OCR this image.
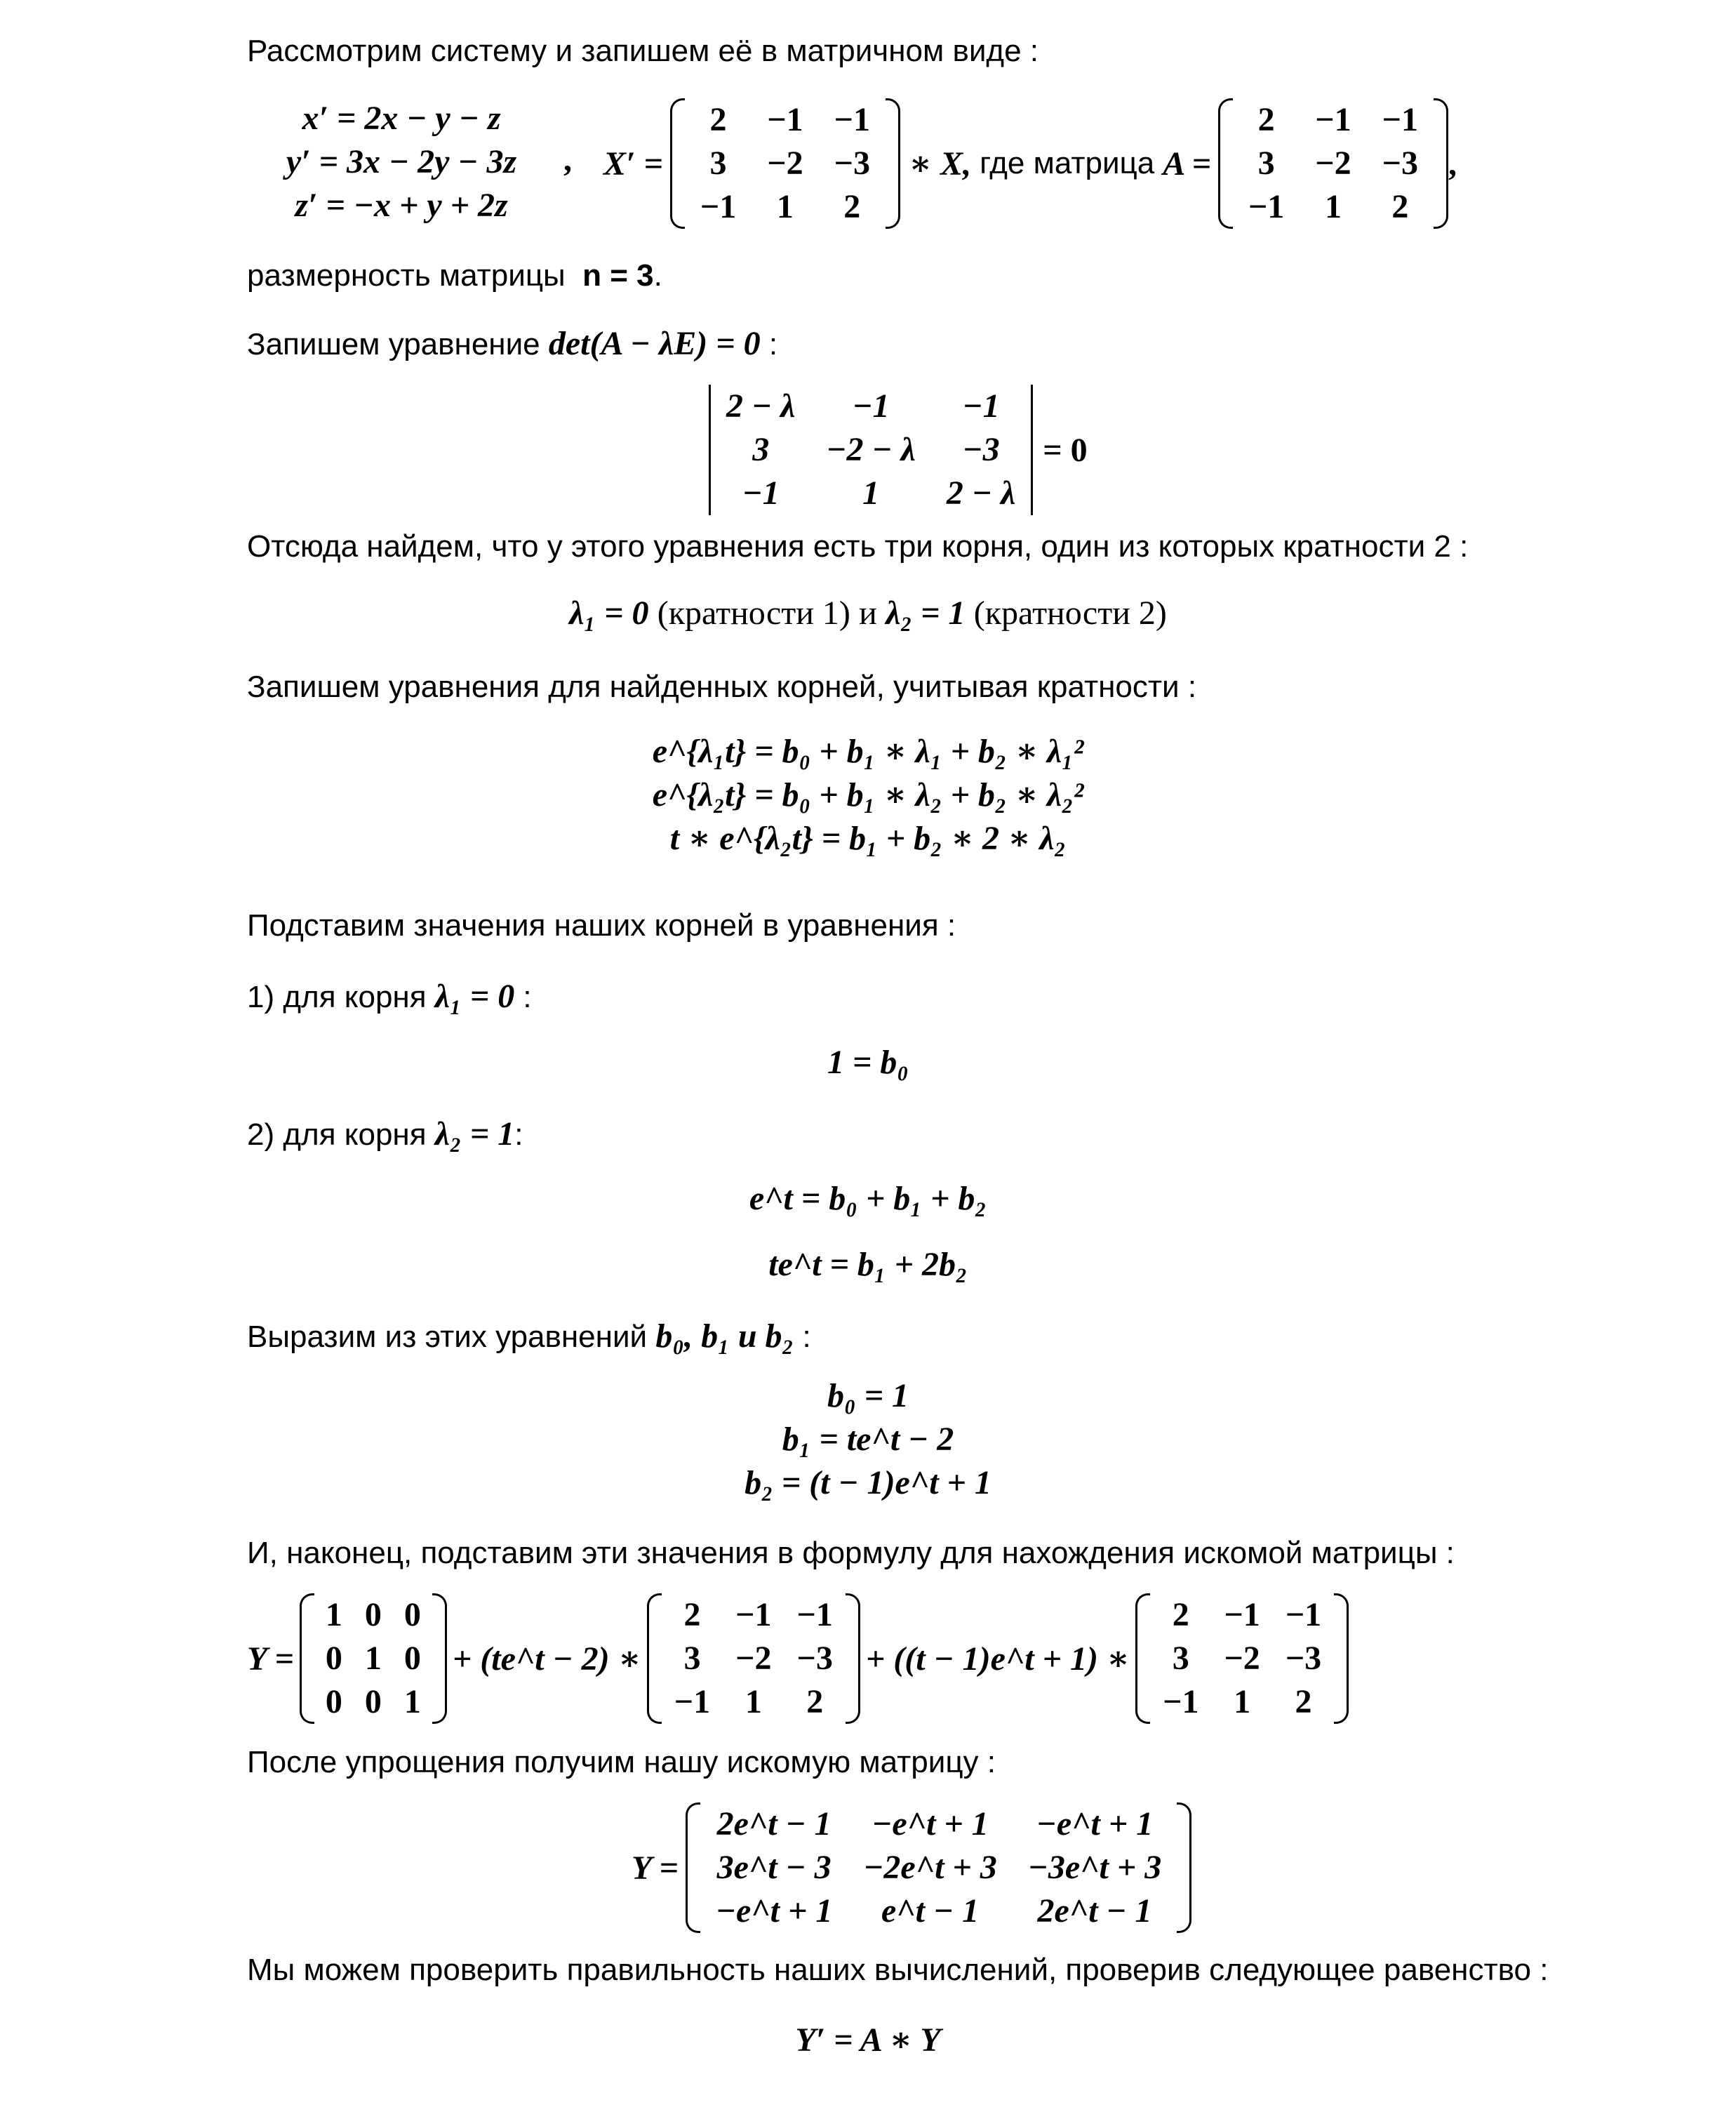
Рассмотрим систему и запишем её в матричном виде :
x′ = 2x − y − z
y′ = 3x − 2y − 3z
z′ = −x + y + 2z
, X′ =
2	−1	−1
3	−2	−3
−1	1	2
∗ X, где матрица A =
2	−1	−1
3	−2	−3
−1	1	2
,
размерность матрицы n = 3.
Запишем уравнение det(A − λE) = 0 :
2 − λ	−1	−1
3	−2 − λ	−3
−1	1	2 − λ
= 0
Отсюда найдем, что у этого уравнения есть три корня, один из которых кратности 2 :
λ₁ = 0 (кратности 1) и λ₂ = 1 (кратности 2)
Запишем уравнения для найденных корней, учитывая кратности :
e^{λ₁t} = b₀ + b₁ ∗ λ₁ + b₂ ∗ λ₁²
e^{λ₂t} = b₀ + b₁ ∗ λ₂ + b₂ ∗ λ₂²
t ∗ e^{λ₂t} = b₁ + b₂ ∗ 2 ∗ λ₂
Подставим значения наших корней в уравнения :
1) для корня λ₁ = 0 :
1 = b₀
2) для корня λ₂ = 1:
e^t = b₀ + b₁ + b₂
te^t = b₁ + 2b₂
Выразим из этих уравнений b₀, b₁ и b₂ :
b₀ = 1
b₁ = te^t − 2
b₂ = (t − 1)e^t + 1
И, наконец, подставим эти значения в формулу для нахождения искомой матрицы :
Y =
1	0	0
0	1	0
0	0	1
+ (te^t − 2) ∗
2	−1	−1
3	−2	−3
−1	1	2
+ ((t − 1)e^t + 1) ∗
2	−1	−1
3	−2	−3
−1	1	2
После упрощения получим нашу искомую матрицу :
Y =
2e^t − 1	−e^t + 1	−e^t + 1
3e^t − 3	−2e^t + 3	−3e^t + 3
−e^t + 1	e^t − 1	2e^t − 1
Мы можем проверить правильность наших вычислений, проверив следующее равенство :
Y′ = A ∗ Y
